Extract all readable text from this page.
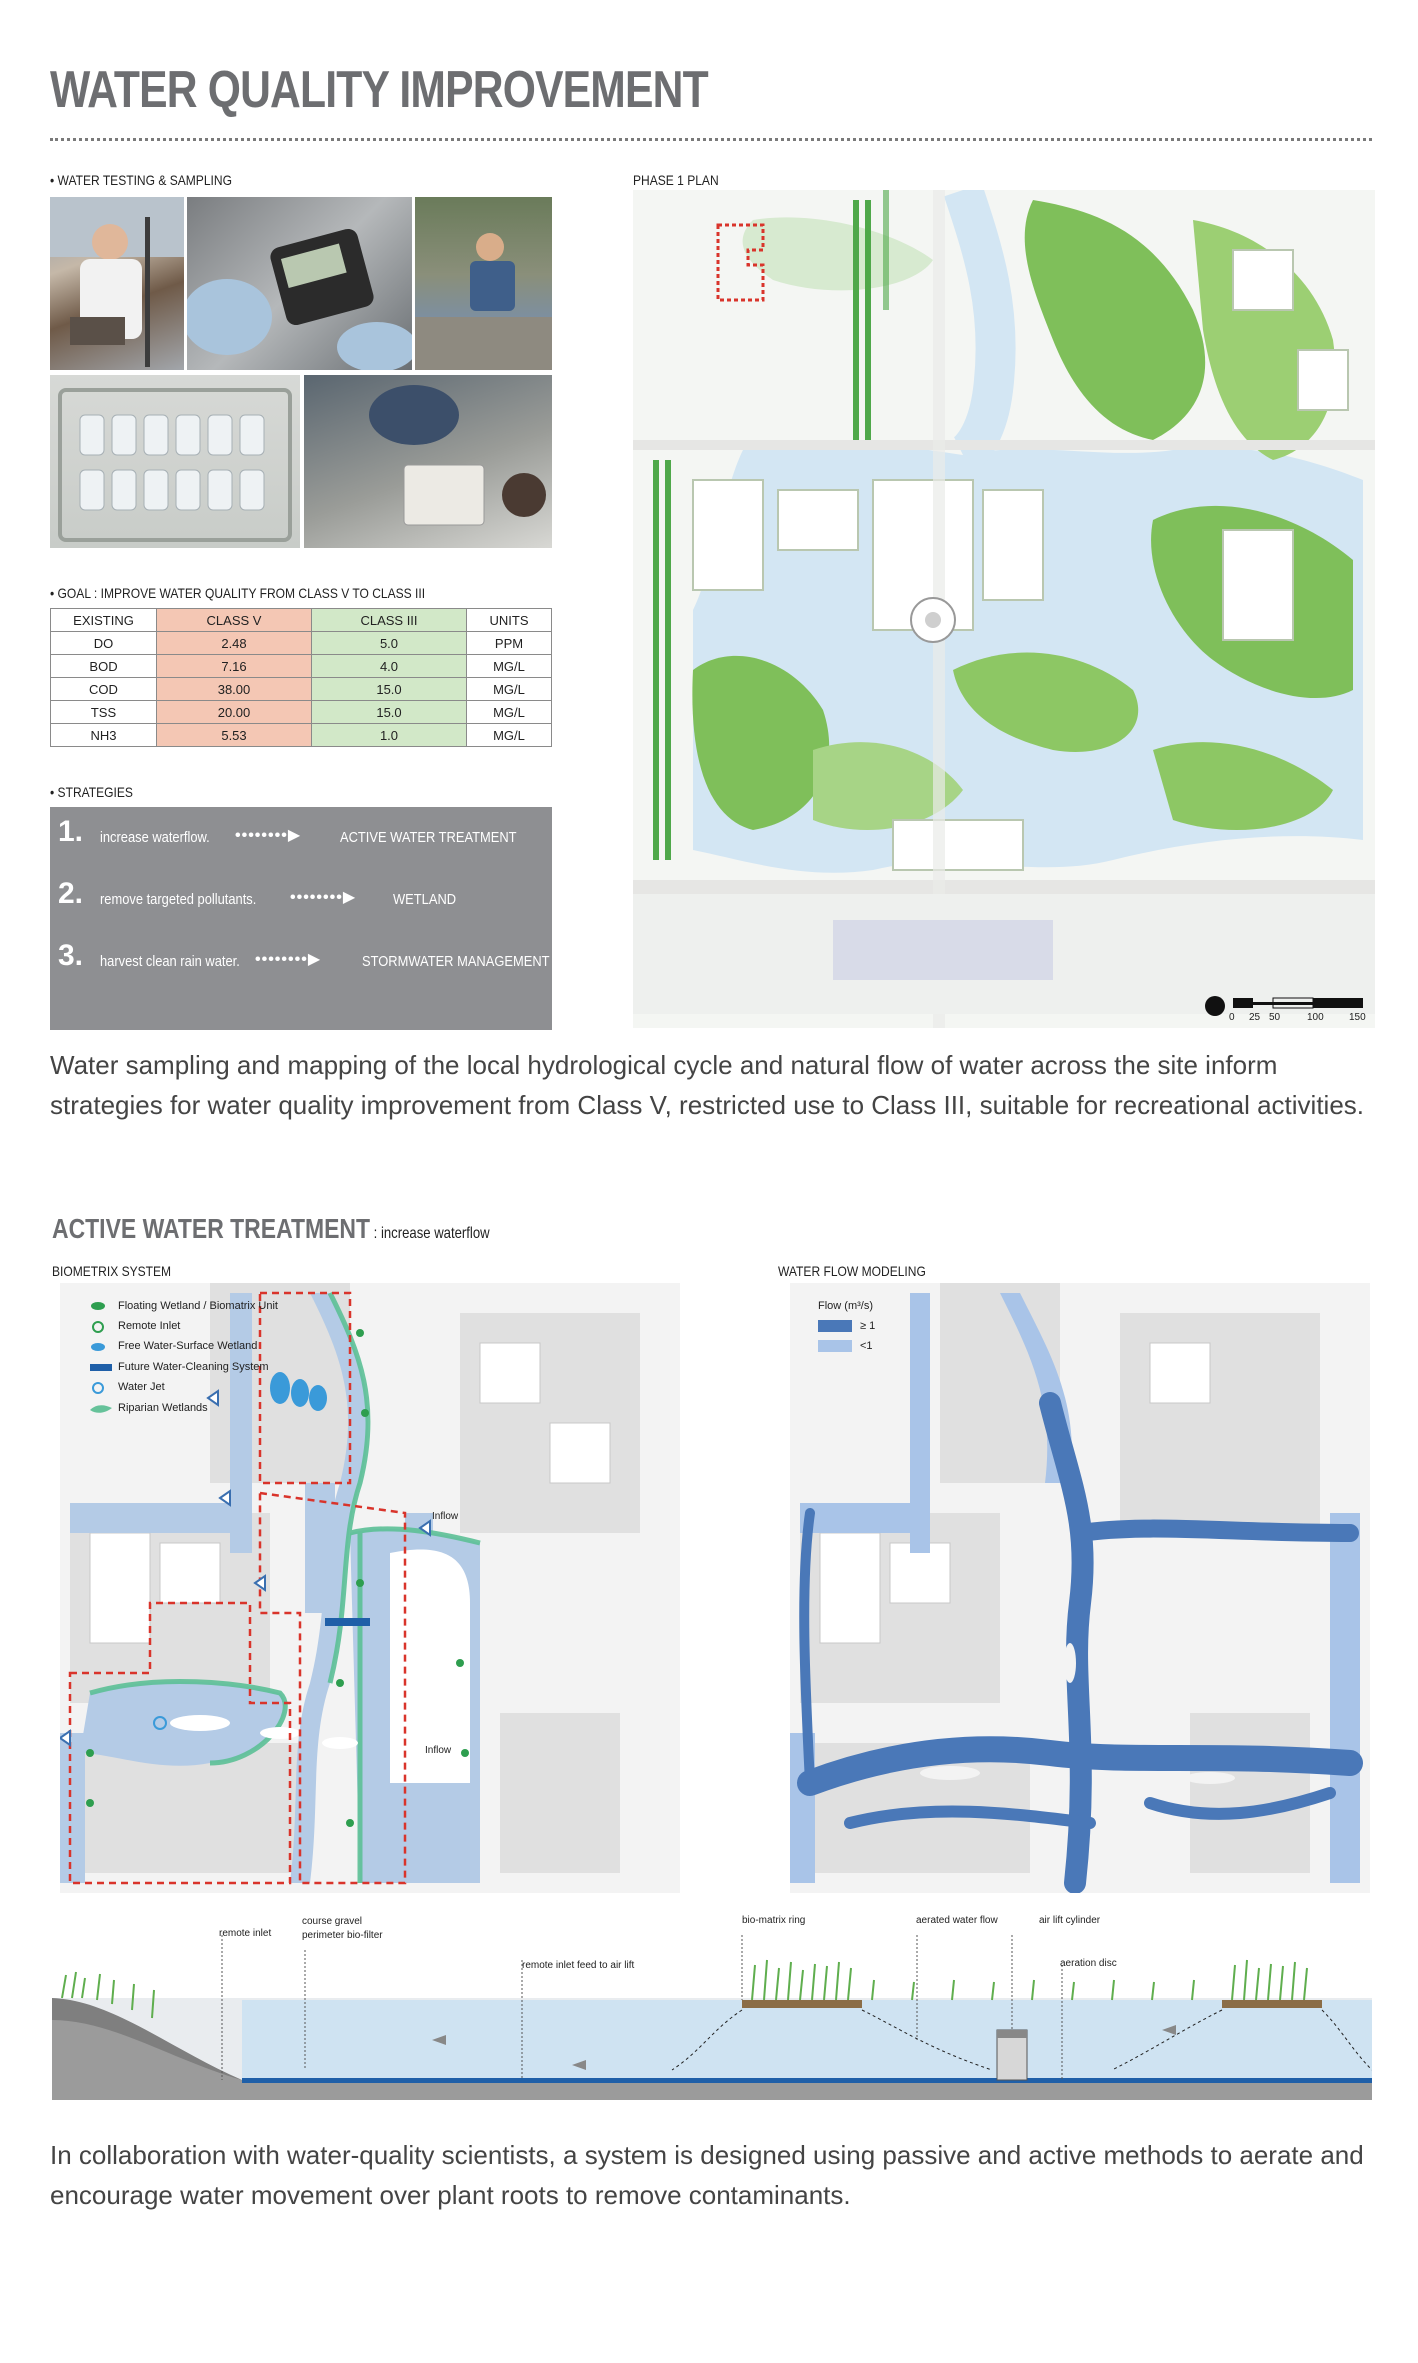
WATER QUALITY IMPROVEMENT
• WATER TESTING & SAMPLING
• GOAL : IMPROVE WATER QUALITY FROM CLASS V TO CLASS III
EXISTING	CLASS V	CLASS III	UNITS
DO	2.48	5.0	PPM
BOD	7.16	4.0	MG/L
COD	38.00	15.0	MG/L
TSS	20.00	15.0	MG/L
NH3	5.53	1.0	MG/L
• STRATEGIES
1. increase waterflow. ••••••••▶	ACTIVE WATER TREATMENT
2. remove targeted pollutants. ••••••••▶ WETLAND
3. harvest clean rain water. ••••••••▶	STORMWATER MANAGEMENT
PHASE 1 PLAN
0 25 50	100	150
Water sampling and mapping of the local hydrological cycle and natural flow of water across the site inform strategies for water quality improvement from Class V, restricted use to Class III, suitable for recreational activities.
ACTIVE WATER TREATMENT : increase waterflow
BIOMETRIX SYSTEM
Inflow
Inflow
Floating Wetland / Biomatrix Unit
Remote Inlet
Free Water-Surface Wetland
Future Water-Cleaning System
Water Jet
Riparian Wetlands
WATER FLOW MODELING
Flow (m³/s)
≥ 1
<1
remote inlet
course gravel perimeter bio-filter
remote inlet feed to air lift
bio-matrix ring	aerated water flow	air lift cylinder
aeration disc
In collaboration with water-quality scientists, a system is designed using passive and active methods to aerate and encourage water movement over plant roots to remove contaminants.
